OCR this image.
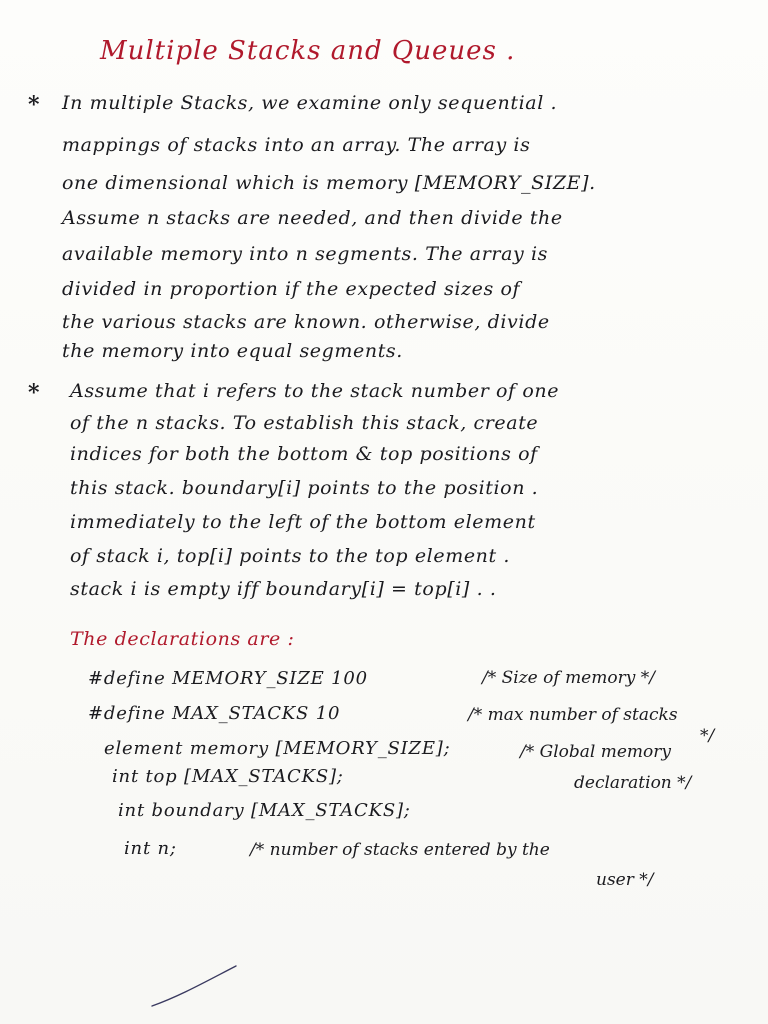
Multiple Stacks and Queues .
* In multiple Stacks, we examine only sequential .
mappings of stacks into an array. The array is
one dimensional which is memory [MEMORY_SIZE].
Assume n stacks are needed, and then divide the
available memory into n segments. The array is
divided in proportion if the expected sizes of
the various stacks are known. otherwise, divide
the memory into equal segments.
* Assume that i refers to the stack number of one
of the n stacks. To establish this stack, create
indices for both the bottom & top positions of
this stack. boundary[i] points to the position .
immediately to the left of the bottom element
of stack i, top[i] points to the top element .
stack i is empty iff boundary[i] = top[i] . .
The declarations are :
#define MEMORY_SIZE 100	/* Size of memory */
#define MAX_STACKS 10	/* max number of stacks
*/
element memory [MEMORY_SIZE];	/* Global memory
declaration */
int top [MAX_STACKS];
int boundary [MAX_STACKS];
int n;	/* number of stacks entered by the
user */
